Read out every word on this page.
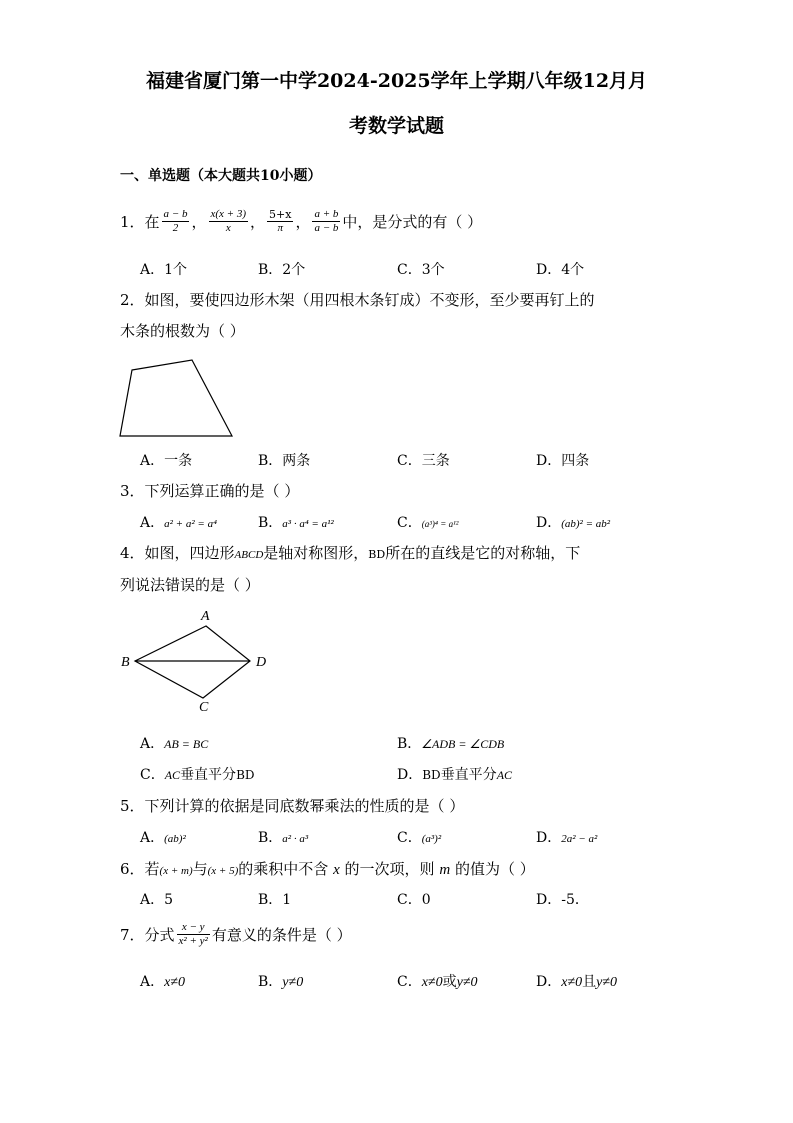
福建省厦门第一中学2024-2025学年上学期八年级12月月
考数学试题
一、单选题（本大题共10小题）
1．在 $\frac{a - b}{2}$ ， $\frac{x(x + 3)}{x}$ ， $\frac{5+x}{\pi}$ ， $\frac{a + b}{a - b}$ 中，是分式的有（ ）
A．1个	B．2个	C．3个	D．4个
2．如图，要使四边形木架（用四根木条钉成）不变形，至少要再钉上的
木条的根数为（ ）
A．一条	B．两条	C．三条	D．四条
3．下列运算正确的是（ ）
A．a² + a² = a⁴	B．a³ · a⁴ = a¹²	C．(a³)⁴ = a¹²	D．(ab)² = ab²
4．如图，四边形ABCD是轴对称图形，BD所在的直线是它的对称轴，下
列说法错误的是（ ）
A
B
C
D
A．AB = BC	B．∠ADB = ∠CDB
C．AC垂直平分BD	D．BD垂直平分AC
5．下列计算的依据是同底数幂乘法的性质的是（ ）
A．(ab)²	B．a² · a³	C．(a³)²	D．2a² − a²
6．若(x + m)与(x + 5)的乘积中不含 x 的一次项，则 m 的值为（ ）
A．5	B．1	C．0	D．-5．
7．分式 $\frac{x - y}{\text{x² + y²}}$ 有意义的条件是（ ）
A．x≠0	B．y≠0	C．x≠0或y≠0	D．x≠0且y≠0
